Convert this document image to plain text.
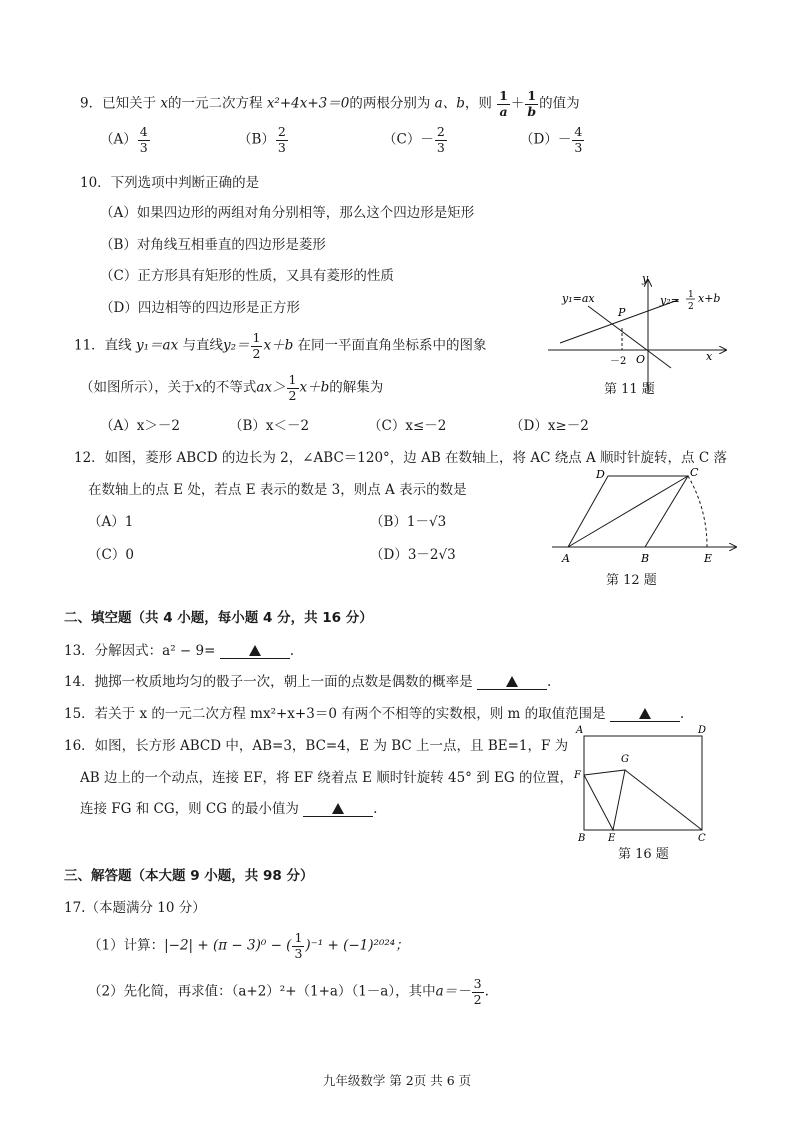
9．已知关于 x的一元二次方程 x²+4x+3＝0的两根分别为 a、b，则 $\frac{1}{a} + \frac{1}{b}$ 的值为
$(A) \frac{4}{3}$	$(B) \frac{2}{3}$	$(C)- \frac{2}{3}$	$(D)- \frac{4}{3}$
10．下列选项中判断正确的是
（A）如果四边形的两组对角分别相等，那么这个四边形是矩形
（B）对角线互相垂直的四边形是菱形
（C）正方形具有矩形的性质，又具有菱形的性质
（D）四边相等的四边形是正方形
11．直线 y₁＝ax 与直线$y_2= \frac{1}{2} x+b$ 在同一平面直角坐标系中的图象
（如图所示），关于x的不等式$ax> \frac{1}{2} x+b$的解集为
（A）x＞－2	（B）x＜－2	（C）x≤－2	（D）x≥－2
y
x
y₁=ax	y₂= 1
2
x+b
P
O
－2
第 11 题
12．如图，菱形 ABCD 的边长为 2，∠ABC＝120°，边 AB 在数轴上，将 AC 绕点 A 顺时针旋转，点 C 落
在数轴上的点 E 处，若点 E 表示的数是 3，则点 A 表示的数是
（A）1	（B）1－√3
（C）0	（D）3－2√3	A	B
C
D
E
第 12 题
二、填空题（共 4 小题，每小题 4 分，共 16 分）
13．分解因式：a² − 9=	.
14．抛掷一枚质地均匀的骰子一次，朝上一面的点数是偶数的概率是	.
15．若关于 x 的一元二次方程 mx²+x+3＝0 有两个不相等的实数根，则 m 的取值范围是	.
16．如图，长方形 ABCD 中，AB=3，BC=4，E 为 BC 上一点，且 BE=1，F 为
AB 边上的一个动点，连接 EF，将 EF 绕着点 E 顺时针旋转 45° 到 EG 的位置，
连接 FG 和 CG，则 CG 的最小值为	.
A	D
F
G
B E	C
第 16 题
三、解答题（本大题 9 小题，共 98 分）
17.（本题满分 10 分）
（1）计算：|−2| + (π − 3)⁰ − ( $\frac{1}{3} )^{-1} + (-1)^{2024}$；
（2）先化简，再求值：（a+2）²+（1+a）（1－a），其中$a=- \frac{3}{2}$ .
九年级数学 第 2页 共 6 页
